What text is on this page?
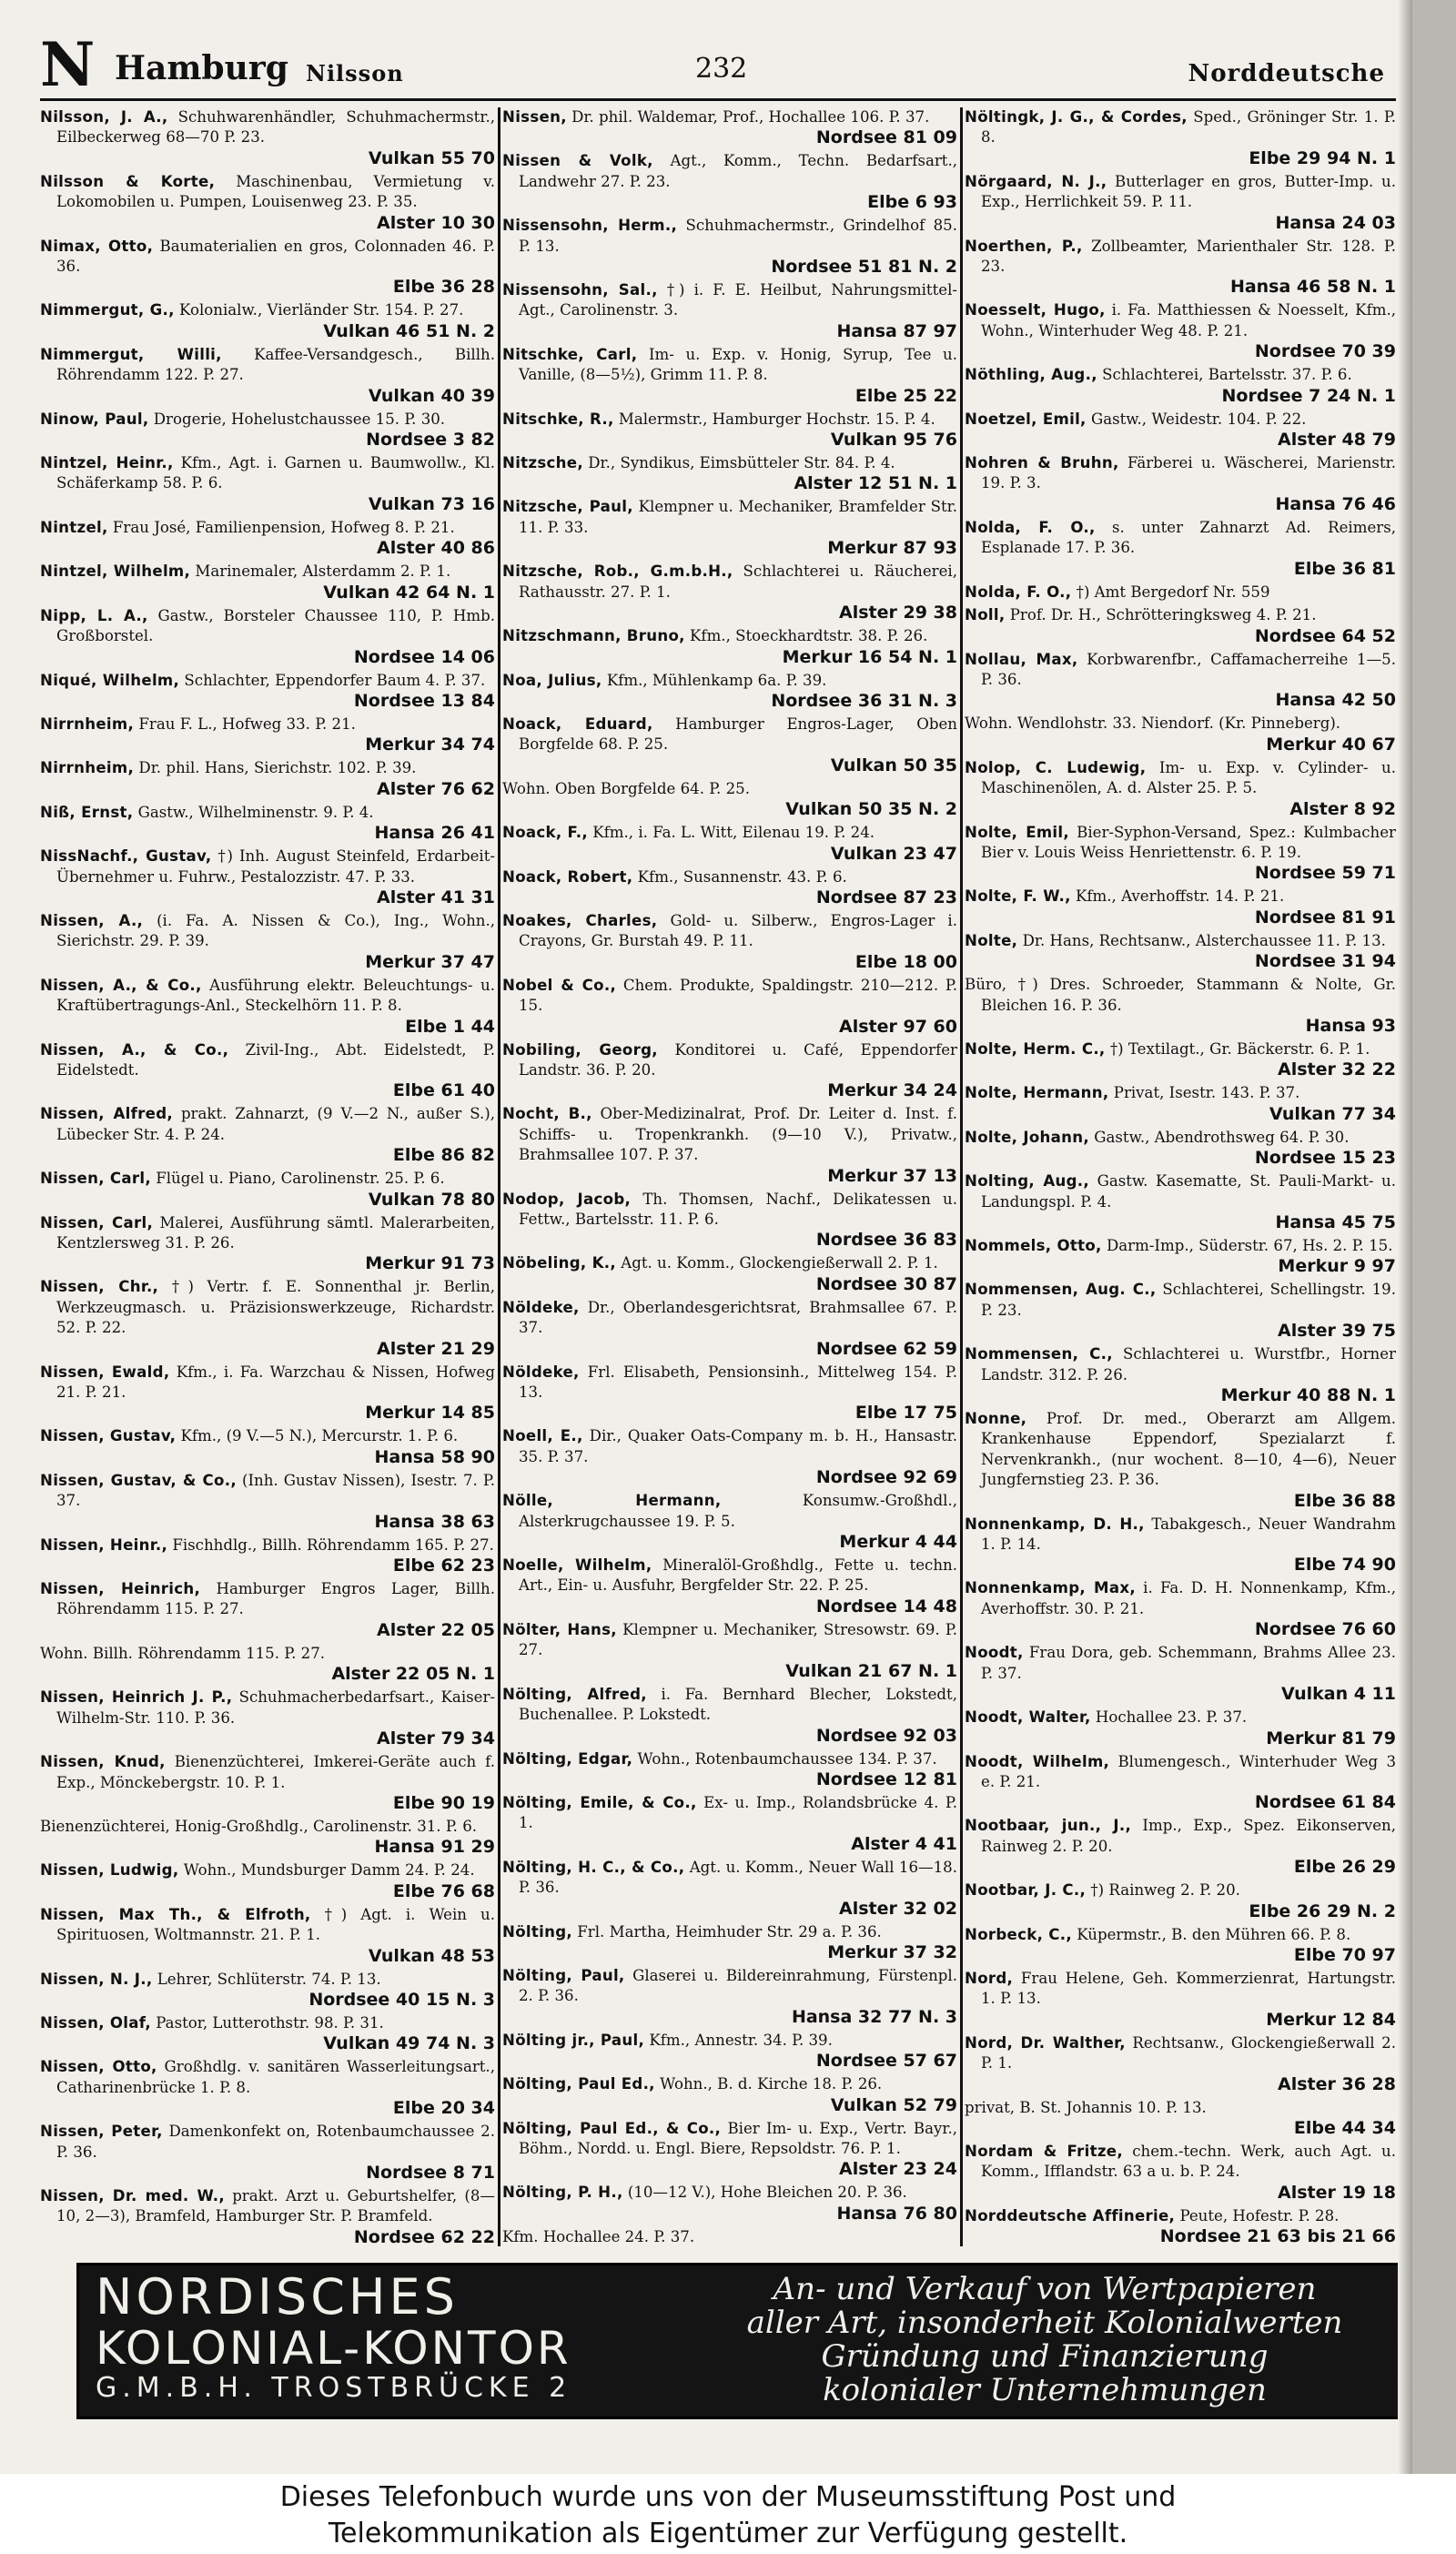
N Hamburg Nilsson	232	Norddeutsche
Nilsson, J. A., Schuhwarenhändler, Schuhmachermstr., Eilbeckerweg 68—70 P. 23.
Vulkan 55 70
Nilsson & Korte, Maschinenbau, Vermietung v. Lokomobilen u. Pumpen, Louisenweg 23. P. 35.
Alster 10 30
Nimax, Otto, Baumaterialien en gros, Colonnaden 46. P. 36.
Elbe 36 28
Nimmergut, G., Kolonialw., Vierländer Str. 154. P. 27.
Vulkan 46 51 N. 2
Nimmergut, Willi, Kaffee-Versandgesch., Billh. Röhrendamm 122. P. 27.
Vulkan 40 39
Ninow, Paul, Drogerie, Hohelustchaussee 15. P. 30.
Nordsee 3 82
Nintzel, Heinr., Kfm., Agt. i. Garnen u. Baumwollw., Kl. Schäferkamp 58. P. 6.
Vulkan 73 16
Nintzel, Frau José, Familienpension, Hofweg 8. P. 21.
Alster 40 86
Nintzel, Wilhelm, Marinemaler, Alsterdamm 2. P. 1.
Vulkan 42 64 N. 1
Nipp, L. A., Gastw., Borsteler Chaussee 110, P. Hmb. Großborstel.
Nordsee 14 06
Niqué, Wilhelm, Schlachter, Eppendorfer Baum 4. P. 37.
Nordsee 13 84
Nirrnheim, Frau F. L., Hofweg 33. P. 21.
Merkur 34 74
Nirrnheim, Dr. phil. Hans, Sierichstr. 102. P. 39.
Alster 76 62
Niß, Ernst, Gastw., Wilhelminenstr. 9. P. 4.
Hansa 26 41
NissNachf., Gustav, †) Inh. August Steinfeld, Erdarbeit-Übernehmer u. Fuhrw., Pestalozzistr. 47. P. 33.
Alster 41 31
Nissen, A., (i. Fa. A. Nissen & Co.), Ing., Wohn., Sierichstr. 29. P. 39.
Merkur 37 47
Nissen, A., & Co., Ausführung elektr. Beleuchtungs- u. Kraftübertragungs-Anl., Steckelhörn 11. P. 8.
Elbe 1 44
Nissen, A., & Co., Zivil-Ing., Abt. Eidelstedt, P. Eidelstedt.
Elbe 61 40
Nissen, Alfred, prakt. Zahnarzt, (9 V.—2 N., außer S.), Lübecker Str. 4. P. 24.
Elbe 86 82
Nissen, Carl, Flügel u. Piano, Carolinenstr. 25. P. 6.
Vulkan 78 80
Nissen, Carl, Malerei, Ausführung sämtl. Malerarbeiten, Kentzlersweg 31. P. 26.
Merkur 91 73
Nissen, Chr., †) Vertr. f. E. Sonnenthal jr. Berlin, Werkzeugmasch. u. Präzisionswerkzeuge, Richardstr. 52. P. 22.
Alster 21 29
Nissen, Ewald, Kfm., i. Fa. Warzchau & Nissen, Hofweg 21. P. 21.
Merkur 14 85
Nissen, Gustav, Kfm., (9 V.—5 N.), Mercurstr. 1. P. 6.
Hansa 58 90
Nissen, Gustav, & Co., (Inh. Gustav Nissen), Isestr. 7. P. 37.
Hansa 38 63
Nissen, Heinr., Fischhdlg., Billh. Röhrendamm 165. P. 27.
Elbe 62 23
Nissen, Heinrich, Hamburger Engros Lager, Billh. Röhrendamm 115. P. 27.
Alster 22 05
Wohn. Billh. Röhrendamm 115. P. 27.
Alster 22 05 N. 1
Nissen, Heinrich J. P., Schuhmacherbedarfsart., Kaiser-Wilhelm-Str. 110. P. 36.
Alster 79 34
Nissen, Knud, Bienenzüchterei, Imkerei-Geräte auch f. Exp., Mönckebergstr. 10. P. 1.
Elbe 90 19
Bienenzüchterei, Honig-Großhdlg., Carolinenstr. 31. P. 6.
Hansa 91 29
Nissen, Ludwig, Wohn., Mundsburger Damm 24. P. 24.
Elbe 76 68
Nissen, Max Th., & Elfroth, †) Agt. i. Wein u. Spirituosen, Woltmannstr. 21. P. 1.
Vulkan 48 53
Nissen, N. J., Lehrer, Schlüterstr. 74. P. 13.
Nordsee 40 15 N. 3
Nissen, Olaf, Pastor, Lutterothstr. 98. P. 31.
Vulkan 49 74 N. 3
Nissen, Otto, Großhdlg. v. sanitären Wasserleitungsart., Catharinenbrücke 1. P. 8.
Elbe 20 34
Nissen, Peter, Damenkonfekt on, Rotenbaumchaussee 2. P. 36.
Nordsee 8 71
Nissen, Dr. med. W., prakt. Arzt u. Geburtshelfer, (8—10, 2—3), Bramfeld, Hamburger Str. P. Bramfeld.
Nordsee 62 22
Nissen, Dr. phil. Waldemar, Prof., Hochallee 106. P. 37.
Nordsee 81 09
Nissen & Volk, Agt., Komm., Techn. Bedarfsart., Landwehr 27. P. 23.
Elbe 6 93
Nissensohn, Herm., Schuhmachermstr., Grindelhof 85. P. 13.
Nordsee 51 81 N. 2
Nissensohn, Sal., †) i. F. E. Heilbut, Nahrungsmittel-Agt., Carolinenstr. 3.
Hansa 87 97
Nitschke, Carl, Im- u. Exp. v. Honig, Syrup, Tee u. Vanille, (8—5½), Grimm 11. P. 8.
Elbe 25 22
Nitschke, R., Malermstr., Hamburger Hochstr. 15. P. 4.
Vulkan 95 76
Nitzsche, Dr., Syndikus, Eimsbütteler Str. 84. P. 4.
Alster 12 51 N. 1
Nitzsche, Paul, Klempner u. Mechaniker, Bramfelder Str. 11. P. 33.
Merkur 87 93
Nitzsche, Rob., G.m.b.H., Schlachterei u. Räucherei, Rathausstr. 27. P. 1.
Alster 29 38
Nitzschmann, Bruno, Kfm., Stoeckhardtstr. 38. P. 26.
Merkur 16 54 N. 1
Noa, Julius, Kfm., Mühlenkamp 6a. P. 39.
Nordsee 36 31 N. 3
Noack, Eduard, Hamburger Engros-Lager, Oben Borgfelde 68. P. 25.
Vulkan 50 35
Wohn. Oben Borgfelde 64. P. 25.
Vulkan 50 35 N. 2
Noack, F., Kfm., i. Fa. L. Witt, Eilenau 19. P. 24.
Vulkan 23 47
Noack, Robert, Kfm., Susannenstr. 43. P. 6.
Nordsee 87 23
Noakes, Charles, Gold- u. Silberw., Engros-Lager i. Crayons, Gr. Burstah 49. P. 11.
Elbe 18 00
Nobel & Co., Chem. Produkte, Spaldingstr. 210—212. P. 15.
Alster 97 60
Nobiling, Georg, Konditorei u. Café, Eppendorfer Landstr. 36. P. 20.
Merkur 34 24
Nocht, B., Ober-Medizinalrat, Prof. Dr. Leiter d. Inst. f. Schiffs- u. Tropenkrankh. (9—10 V.), Privatw., Brahmsallee 107. P. 37.
Merkur 37 13
Nodop, Jacob, Th. Thomsen, Nachf., Delikatessen u. Fettw., Bartelsstr. 11. P. 6.
Nordsee 36 83
Nöbeling, K., Agt. u. Komm., Glockengießerwall 2. P. 1.
Nordsee 30 87
Nöldeke, Dr., Oberlandesgerichtsrat, Brahmsallee 67. P. 37.
Nordsee 62 59
Nöldeke, Frl. Elisabeth, Pensionsinh., Mittelweg 154. P. 13.
Elbe 17 75
Noell, E., Dir., Quaker Oats-Company m. b. H., Hansastr. 35. P. 37.
Nordsee 92 69
Nölle, Hermann,	Konsumw.-Großhdl., Alsterkrugchaussee 19. P. 5.
Merkur 4 44
Noelle, Wilhelm, Mineralöl-Großhdlg., Fette u. techn. Art., Ein- u. Ausfuhr, Bergfelder Str. 22. P. 25.
Nordsee 14 48
Nölter, Hans, Klempner u. Mechaniker, Stresowstr. 69. P. 27.
Vulkan 21 67 N. 1
Nölting, Alfred, i. Fa. Bernhard Blecher, Lokstedt, Buchenallee. P. Lokstedt.
Nordsee 92 03
Nölting, Edgar, Wohn., Rotenbaumchaussee 134. P. 37.
Nordsee 12 81
Nölting, Emile, & Co., Ex- u. Imp., Rolandsbrücke 4. P. 1.
Alster 4 41
Nölting, H. C., & Co., Agt. u. Komm., Neuer Wall 16—18. P. 36.
Alster 32 02
Nölting, Frl. Martha, Heimhuder Str. 29 a. P. 36.
Merkur 37 32
Nölting, Paul, Glaserei u. Bildereinrahmung, Fürstenpl. 2. P. 36.
Hansa 32 77 N. 3
Nölting jr., Paul, Kfm., Annestr. 34. P. 39.
Nordsee 57 67
Nölting, Paul Ed., Wohn., B. d. Kirche 18. P. 26.
Vulkan 52 79
Nölting, Paul Ed., & Co., Bier Im- u. Exp., Vertr. Bayr., Böhm., Nordd. u. Engl. Biere, Repsoldstr. 76. P. 1.
Alster 23 24
Nölting, P. H., (10—12 V.), Hohe Bleichen 20. P. 36.
Hansa 76 80
Kfm. Hochallee 24. P. 37.
Nöltingk, J. G., & Cordes, Sped., Gröninger Str. 1. P. 8.
Elbe 29 94 N. 1
Nörgaard, N. J., Butterlager en gros, Butter-Imp. u. Exp., Herrlichkeit 59. P. 11.
Hansa 24 03
Noerthen, P., Zollbeamter, Marienthaler Str. 128. P. 23.
Hansa 46 58 N. 1
Noesselt, Hugo, i. Fa. Matthiessen & Noesselt, Kfm., Wohn., Winterhuder Weg 48. P. 21.
Nordsee 70 39
Nöthling, Aug., Schlachterei, Bartelsstr. 37. P. 6.
Nordsee 7 24 N. 1
Noetzel, Emil, Gastw., Weidestr. 104. P. 22.
Alster 48 79
Nohren & Bruhn, Färberei u. Wäscherei, Marienstr. 19. P. 3.
Hansa 76 46
Nolda, F. O., s. unter Zahnarzt Ad. Reimers, Esplanade 17. P. 36.
Elbe 36 81
Nolda, F. O., †) Amt Bergedorf Nr. 559
Noll, Prof. Dr. H., Schrötteringksweg 4. P. 21.
Nordsee 64 52
Nollau, Max, Korbwarenfbr., Caffamacherreihe 1—5. P. 36.
Hansa 42 50
Wohn. Wendlohstr. 33. Niendorf. (Kr. Pinneberg).
Merkur 40 67
Nolop, C. Ludewig, Im- u. Exp. v. Cylinder- u. Maschinenölen, A. d. Alster 25. P. 5.
Alster 8 92
Nolte, Emil, Bier-Syphon-Versand, Spez.: Kulmbacher Bier v. Louis Weiss Henriettenstr. 6. P. 19.
Nordsee 59 71
Nolte, F. W., Kfm., Averhoffstr. 14. P. 21.
Nordsee 81 91
Nolte, Dr. Hans, Rechtsanw., Alsterchaussee 11. P. 13.
Nordsee 31 94
Büro, †) Dres. Schroeder, Stammann & Nolte, Gr. Bleichen 16. P. 36.
Hansa 93
Nolte, Herm. C., †) Textilagt., Gr. Bäckerstr. 6. P. 1.
Alster 32 22
Nolte, Hermann, Privat, Isestr. 143. P. 37.
Vulkan 77 34
Nolte, Johann, Gastw., Abendrothsweg 64. P. 30.
Nordsee 15 23
Nolting, Aug., Gastw. Kasematte, St. Pauli-Markt- u. Landungspl. P. 4.
Hansa 45 75
Nommels, Otto, Darm-Imp., Süderstr. 67, Hs. 2. P. 15.
Merkur 9 97
Nommensen, Aug. C., Schlachterei, Schellingstr. 19. P. 23.
Alster 39 75
Nommensen, C., Schlachterei u. Wurstfbr., Horner Landstr. 312. P. 26.
Merkur 40 88 N. 1
Nonne, Prof. Dr. med., Oberarzt am Allgem. Krankenhause Eppendorf, Spezialarzt f. Nervenkrankh., (nur wochent. 8—10, 4—6), Neuer Jungfernstieg 23. P. 36.
Elbe 36 88
Nonnenkamp, D. H., Tabakgesch., Neuer Wandrahm 1. P. 14.
Elbe 74 90
Nonnenkamp, Max, i. Fa. D. H. Nonnenkamp, Kfm., Averhoffstr. 30. P. 21.
Nordsee 76 60
Noodt, Frau Dora, geb. Schemmann, Brahms Allee 23. P. 37.
Vulkan 4 11
Noodt, Walter, Hochallee 23. P. 37.
Merkur 81 79
Noodt, Wilhelm, Blumengesch., Winterhuder Weg 3 e. P. 21.
Nordsee 61 84
Nootbaar, jun., J., Imp., Exp., Spez. Eikonserven, Rainweg 2. P. 20.
Elbe 26 29
Nootbar, J. C., †) Rainweg 2. P. 20.
Elbe 26 29 N. 2
Norbeck, C., Küpermstr., B. den Mühren 66. P. 8.
Elbe 70 97
Nord, Frau Helene, Geh. Kommerzienrat, Hartungstr. 1. P. 13.
Merkur 12 84
Nord, Dr. Walther, Rechtsanw., Glockengießerwall 2. P. 1.
Alster 36 28
privat, B. St. Johannis 10. P. 13.
Elbe 44 34
Nordam & Fritze, chem.-techn. Werk, auch Agt. u. Komm., Ifflandstr. 63 a u. b. P. 24.
Alster 19 18
Norddeutsche Affinerie, Peute, Hofestr. P. 28.
Nordsee 21 63 bis 21 66
NORDISCHES
KOLONIAL-KONTOR
G.M.B.H. TROSTBRÜCKE 2
An- und Verkauf von Wertpapieren
aller Art, insonderheit Kolonialwerten
Gründung und Finanzierung
kolonialer Unternehmungen
Dieses Telefonbuch wurde uns von der Museumsstiftung Post und
Telekommunikation als Eigentümer zur Verfügung gestellt.
